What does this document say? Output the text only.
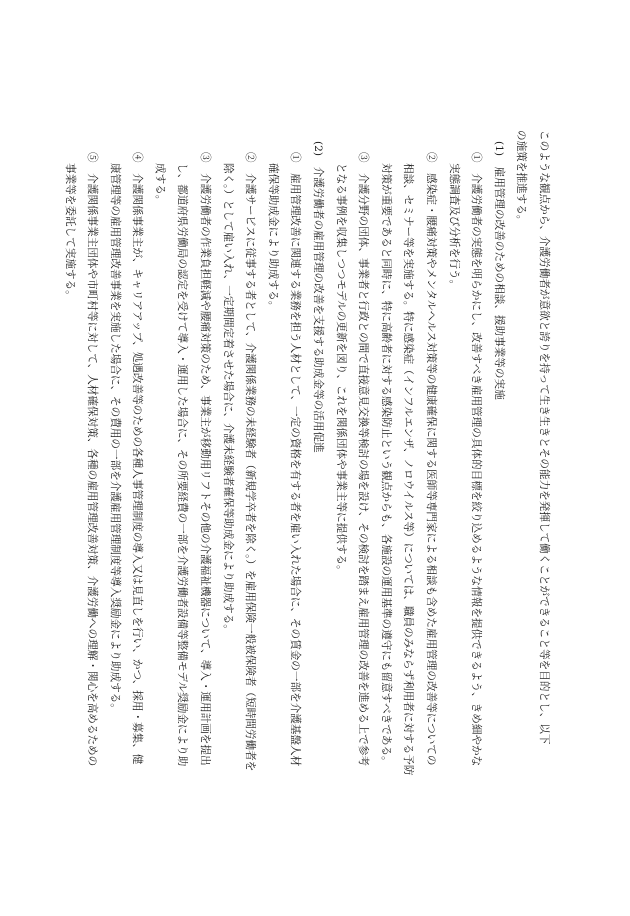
このような観点から、介護労働者が意欲と誇りを持って生き生きとその能力を発揮して働くことができること等を目的とし、以下
の施策を推進する。
(1)　雇用管理の改善のための相談、援助事業等の実施
①　介護労働者の実態を明らかにし、改善すべき雇用管理の具体的目標を絞り込めるような情報を提供できるよう、きめ細やかな
実態調査及び分析を行う。
②　感染症・腰痛対策やメンタルヘルス対策等の健康確保に関する医師等専門家による相談も含めた雇用管理の改善等についての
相談、セミナー等を実施する。特に感染症（インフルエンザ、ノロウイルス等）については、職員のみならず利用者に対する予防
対策が重要であると同時に、特に高齢者に対する感染防止という観点からも、各施設の運用基準の遵守にも留意すべきである。
③　介護分野の団体、事業者と行政との間で直接意見交換等検討の場を設け、その検討を踏まえ雇用管理の改善を進める上で参考
となる事例を収集しつつモデルの更新を図り、これを関係団体や事業主等に提供する。
(2)　介護労働者の雇用管理の改善を支援する助成金等の活用促進
①　雇用管理改善に関連する業務を担う人材として、一定の資格を有する者を雇い入れた場合に、その賃金の一部を介護基盤人材
確保等助成金により助成する。
②　介護サービスに従事する者として、介護関係業務の未経験者（新規学卒者を除く。）を雇用保険一般被保険者（短時間労働者を
除く。）として雇い入れ、一定期間定着させた場合に、介護未経験者確保等助成金により助成する。
③　介護労働者の作業負担軽減や腰痛対策のため、事業主が移動用リフトその他の介護福祉機器について、導入・運用計画を提出
し、都道府県労働局の認定を受けて導入・運用した場合に、その所要経費の一部を介護労働者設備等整備モデル奨励金により助
成する。
④　介護関係事業主が、キャリアアップ、処遇改善等のための各種人事管理制度の導入又は見直しを行い、かつ、採用・募集、健
康管理等の雇用管理改善事業を実施した場合に、その費用の一部を介護雇用管理制度等導入奨励金により助成する。
⑤　介護関係事業主団体や市町村等に対して、人材確保対策、各種の雇用管理改善対策、介護労働への理解・関心を高めるための
事業等を委託して実施する。
